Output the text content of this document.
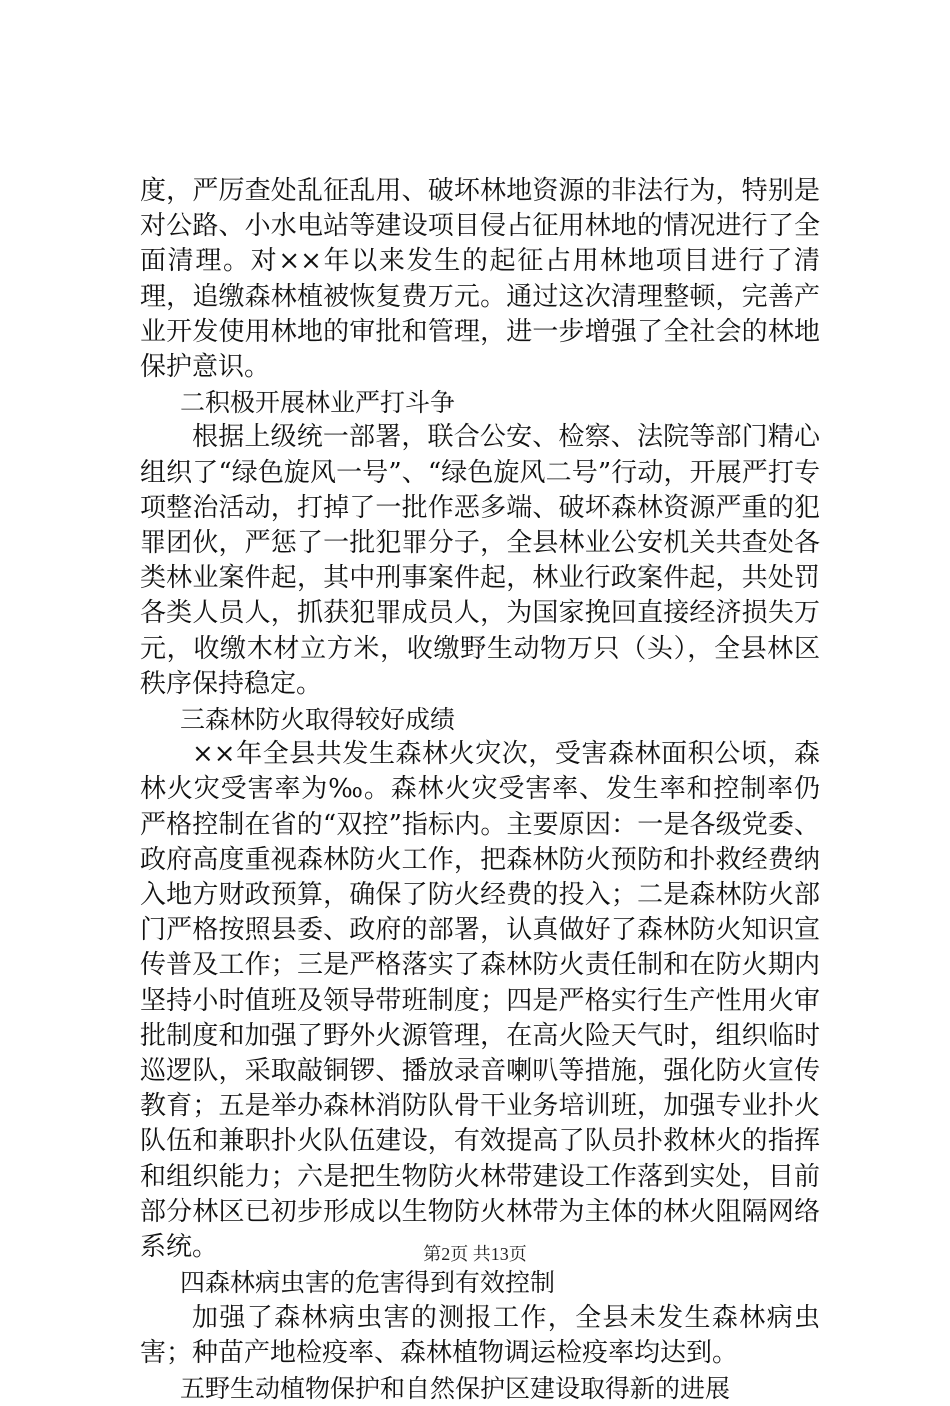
度，严厉查处乱征乱用、破坏林地资源的非法行为，特别是对公路、小水电站等建设项目侵占征用林地的情况进行了全面清理。对××年以来发生的起征占用林地项目进行了清理，追缴森林植被恢复费万元。通过这次清理整顿，完善产业开发使用林地的审批和管理，进一步增强了全社会的林地保护意识。

二积极开展林业严打斗争

根据上级统一部署，联合公安、检察、法院等部门精心组织了“绿色旋风一号”、“绿色旋风二号”行动，开展严打专项整治活动，打掉了一批作恶多端、破坏森林资源严重的犯罪团伙，严惩了一批犯罪分子，全县林业公安机关共查处各类林业案件起，其中刑事案件起，林业行政案件起，共处罚各类人员人，抓获犯罪成员人，为国家挽回直接经济损失万元，收缴木材立方米，收缴野生动物万只（头），全县林区秩序保持稳定。

三森林防火取得较好成绩

××年全县共发生森林火灾次，受害森林面积公顷，森林火灾受害率为‰。森林火灾受害率、发生率和控制率仍严格控制在省的“双控”指标内。主要原因：一是各级党委、政府高度重视森林防火工作，把森林防火预防和扑救经费纳入地方财政预算，确保了防火经费的投入；二是森林防火部门严格按照县委、政府的部署，认真做好了森林防火知识宣传普及工作；三是严格落实了森林防火责任制和在防火期内坚持小时值班及领导带班制度；四是严格实行生产性用火审批制度和加强了野外火源管理，在高火险天气时，组织临时巡逻队，采取敲铜锣、播放录音喇叭等措施，强化防火宣传教育；五是举办森林消防队骨干业务培训班，加强专业扑火队伍和兼职扑火队伍建设，有效提高了队员扑救林火的指挥和组织能力；六是把生物防火林带建设工作落到实处，目前部分林区已初步形成以生物防火林带为主体的林火阻隔网络系统。

四森林病虫害的危害得到有效控制

加强了森林病虫害的测报工作，全县未发生森林病虫害；种苗产地检疫率、森林植物调运检疫率均达到。

五野生动植物保护和自然保护区建设取得新的进展

第2页 共13页
